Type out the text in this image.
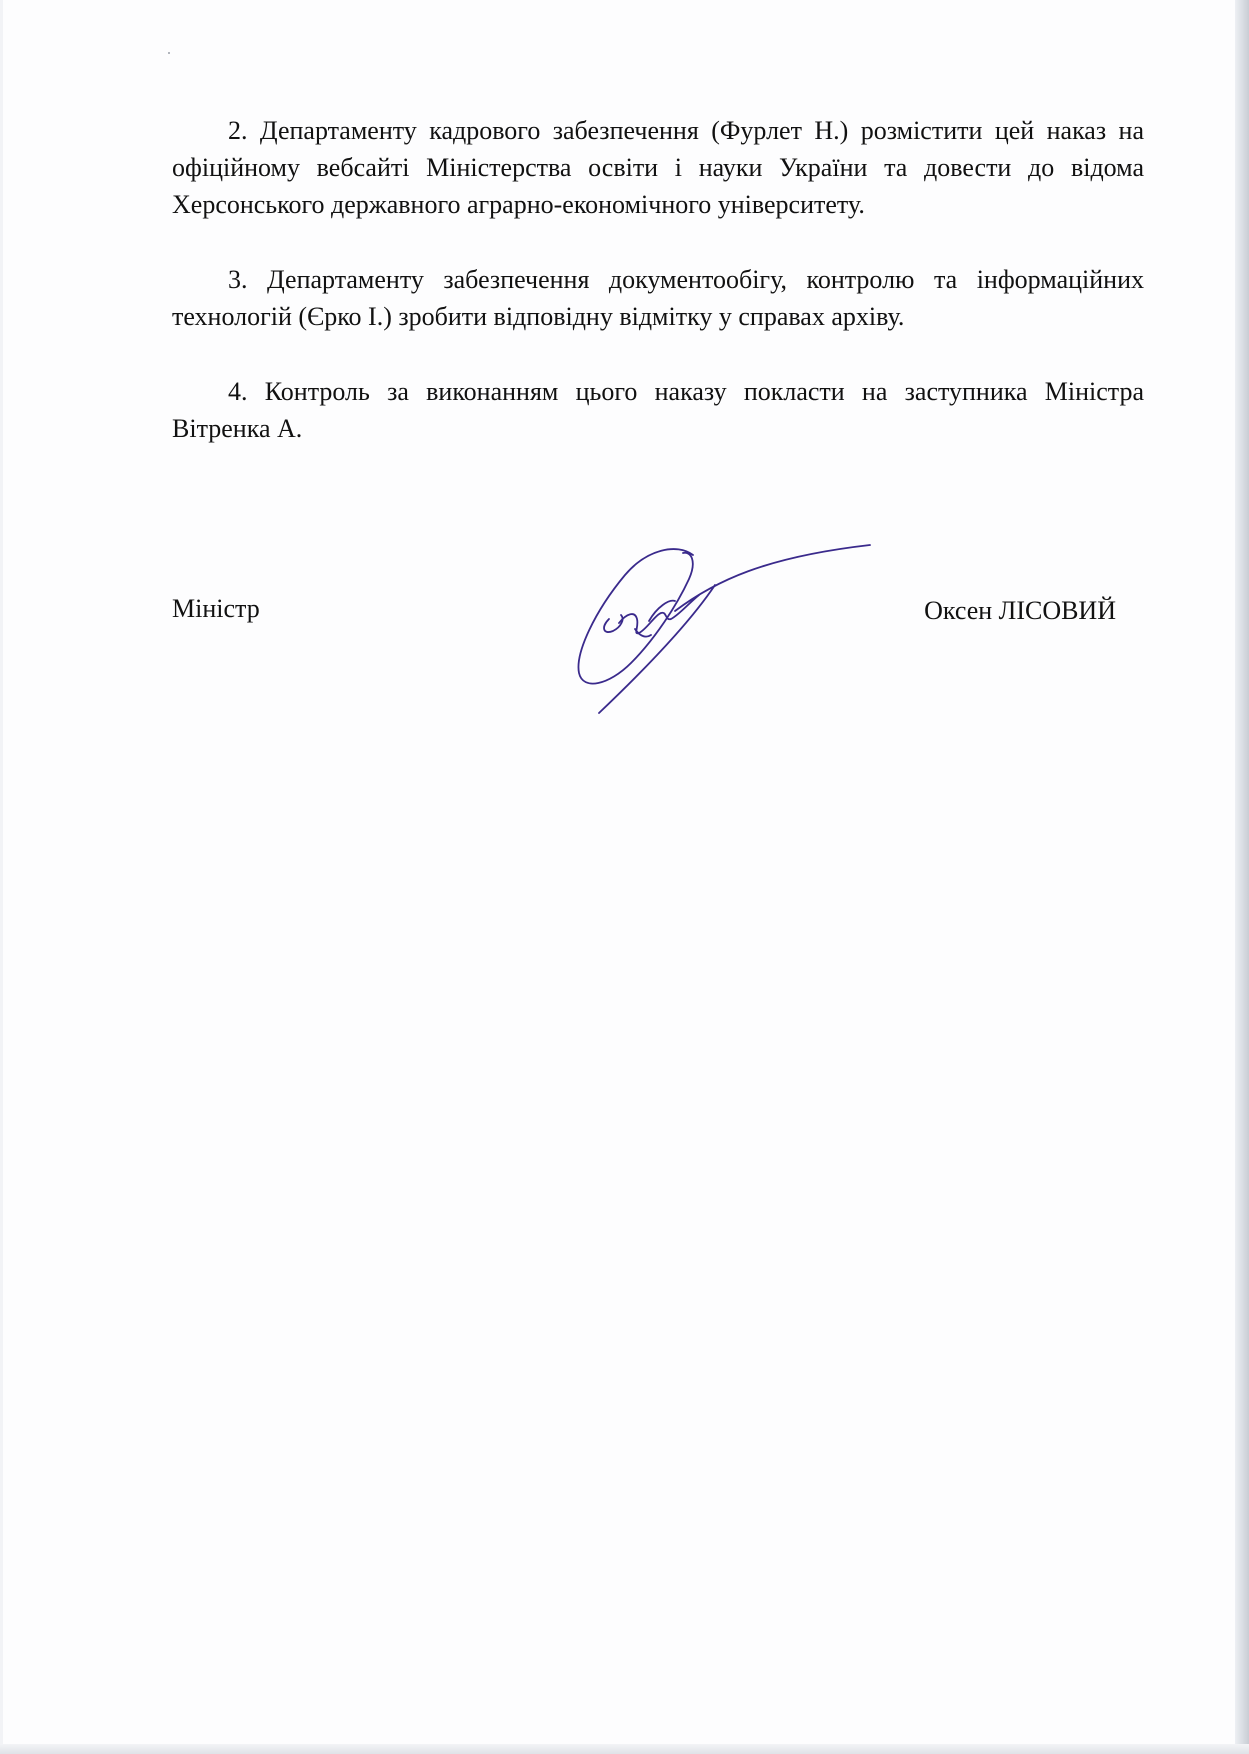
2. Департаменту кадрового забезпечення (Фурлет Н.) розмістити цей наказ на офіційному вебсайті Міністерства освіти і науки України та довести до відома Херсонського державного аграрно-економічного університету.

3. Департаменту забезпечення документообігу, контролю та інформаційних технологій (Єрко І.) зробити відповідну відмітку у справах архіву.

4. Контроль за виконанням цього наказу покласти на заступника Міністра Вітренка А.

Міністр	Оксен ЛІСОВИЙ
